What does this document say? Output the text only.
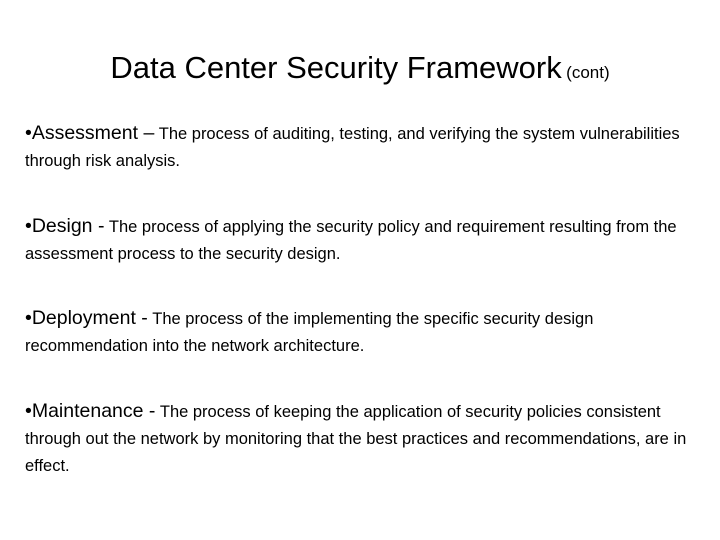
Data Center Security Framework (cont)
•Assessment – The process of auditing, testing, and verifying the system vulnerabilities through risk analysis.
•Design - The process of applying the security policy and requirement resulting from the assessment process to the security design.
•Deployment - The process of the implementing the specific security design recommendation into the network architecture.
•Maintenance - The process of keeping the application of security policies consistent through out the network by monitoring that the best practices and recommendations, are in effect.
